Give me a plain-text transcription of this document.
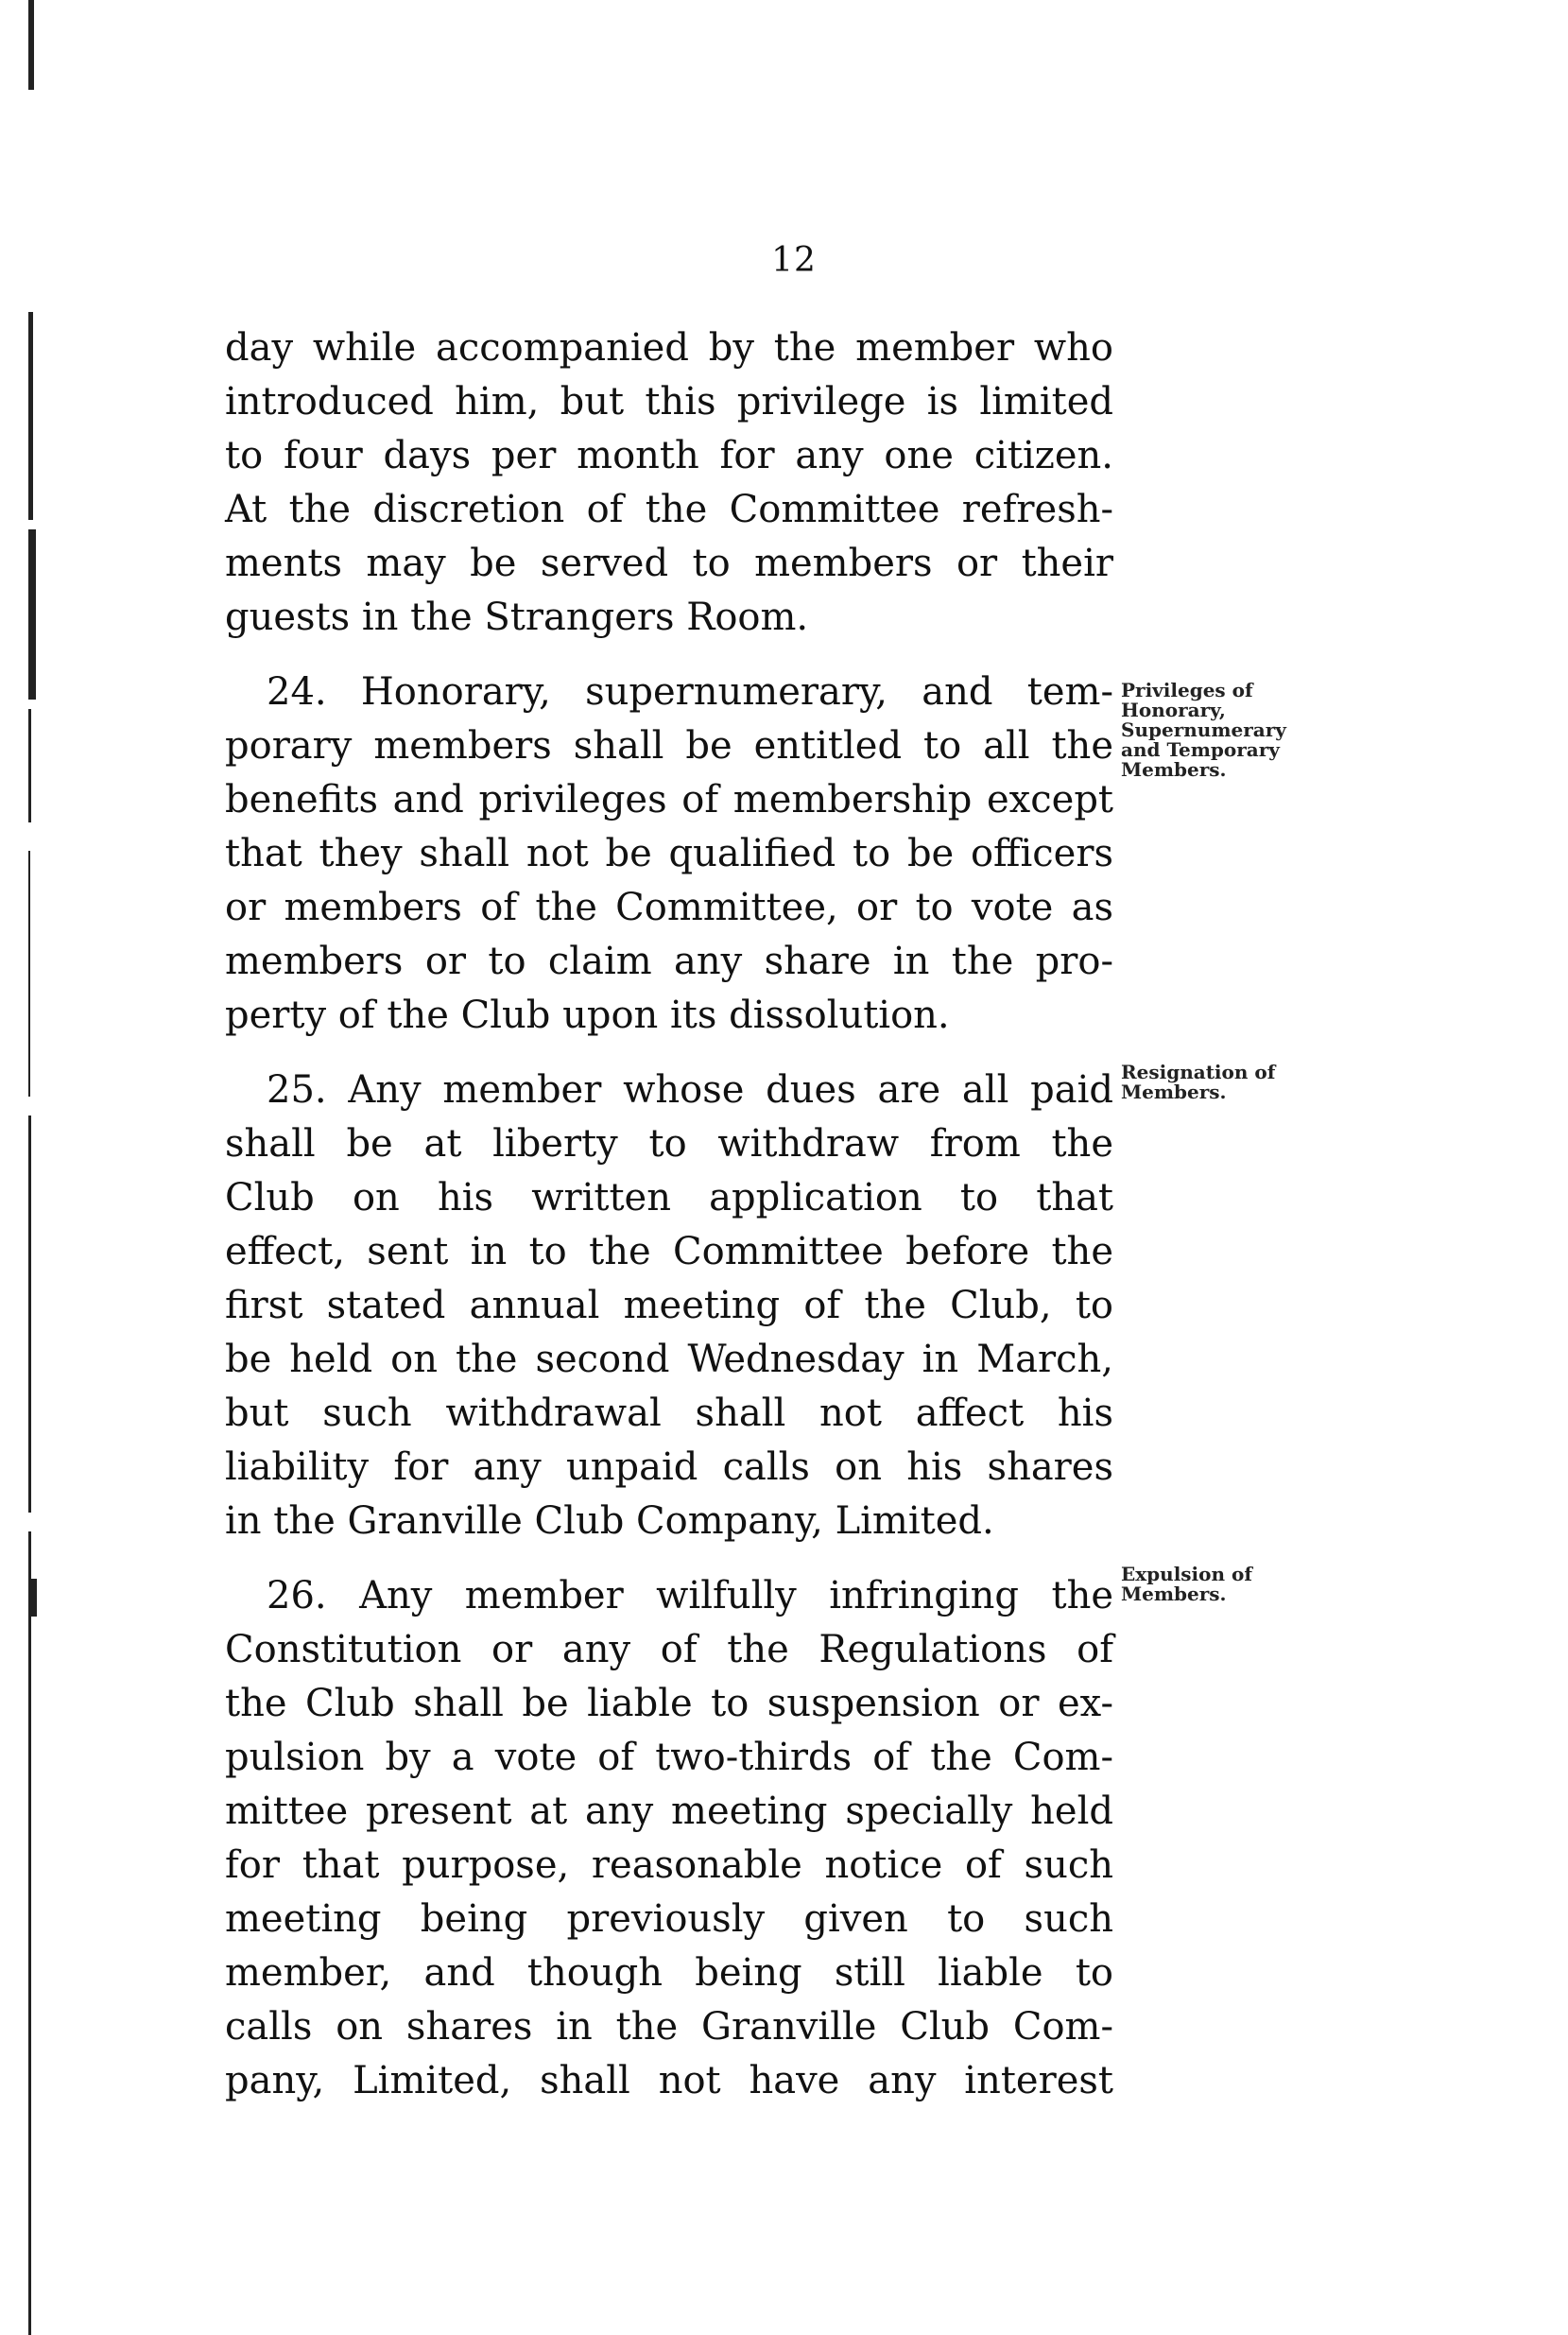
12
day while accompanied by the member who
introduced him, but this privilege is limited
to four days per month for any one citizen.
At the discretion of the Committee refresh-
ments may be served to members or their
guests in the Strangers Room.
24. Honorary, supernumerary, and tem-
porary members shall be entitled to all the
benefits and privileges of membership except
that they shall not be qualified to be officers
or members of the Committee, or to vote as
members or to claim any share in the pro-
perty of the Club upon its dissolution.
25. Any member whose dues are all paid
shall be at liberty to withdraw from the
Club on his written application to that
effect, sent in to the Committee before the
first stated annual meeting of the Club, to
be held on the second Wednesday in March,
but such withdrawal shall not affect his
liability for any unpaid calls on his shares
in the Granville Club Company, Limited.
26. Any member wilfully infringing the
Constitution or any of the Regulations of
the Club shall be liable to suspension or ex-
pulsion by a vote of two-thirds of the Com-
mittee present at any meeting specially held
for that purpose, reasonable notice of such
meeting being previously given to such
member, and though being still liable to
calls on shares in the Granville Club Com-
pany, Limited, shall not have any interest
Privileges of
Honorary,
Supernumerary
and Temporary
Members.
Resignation of
Members.
Expulsion of
Members.
